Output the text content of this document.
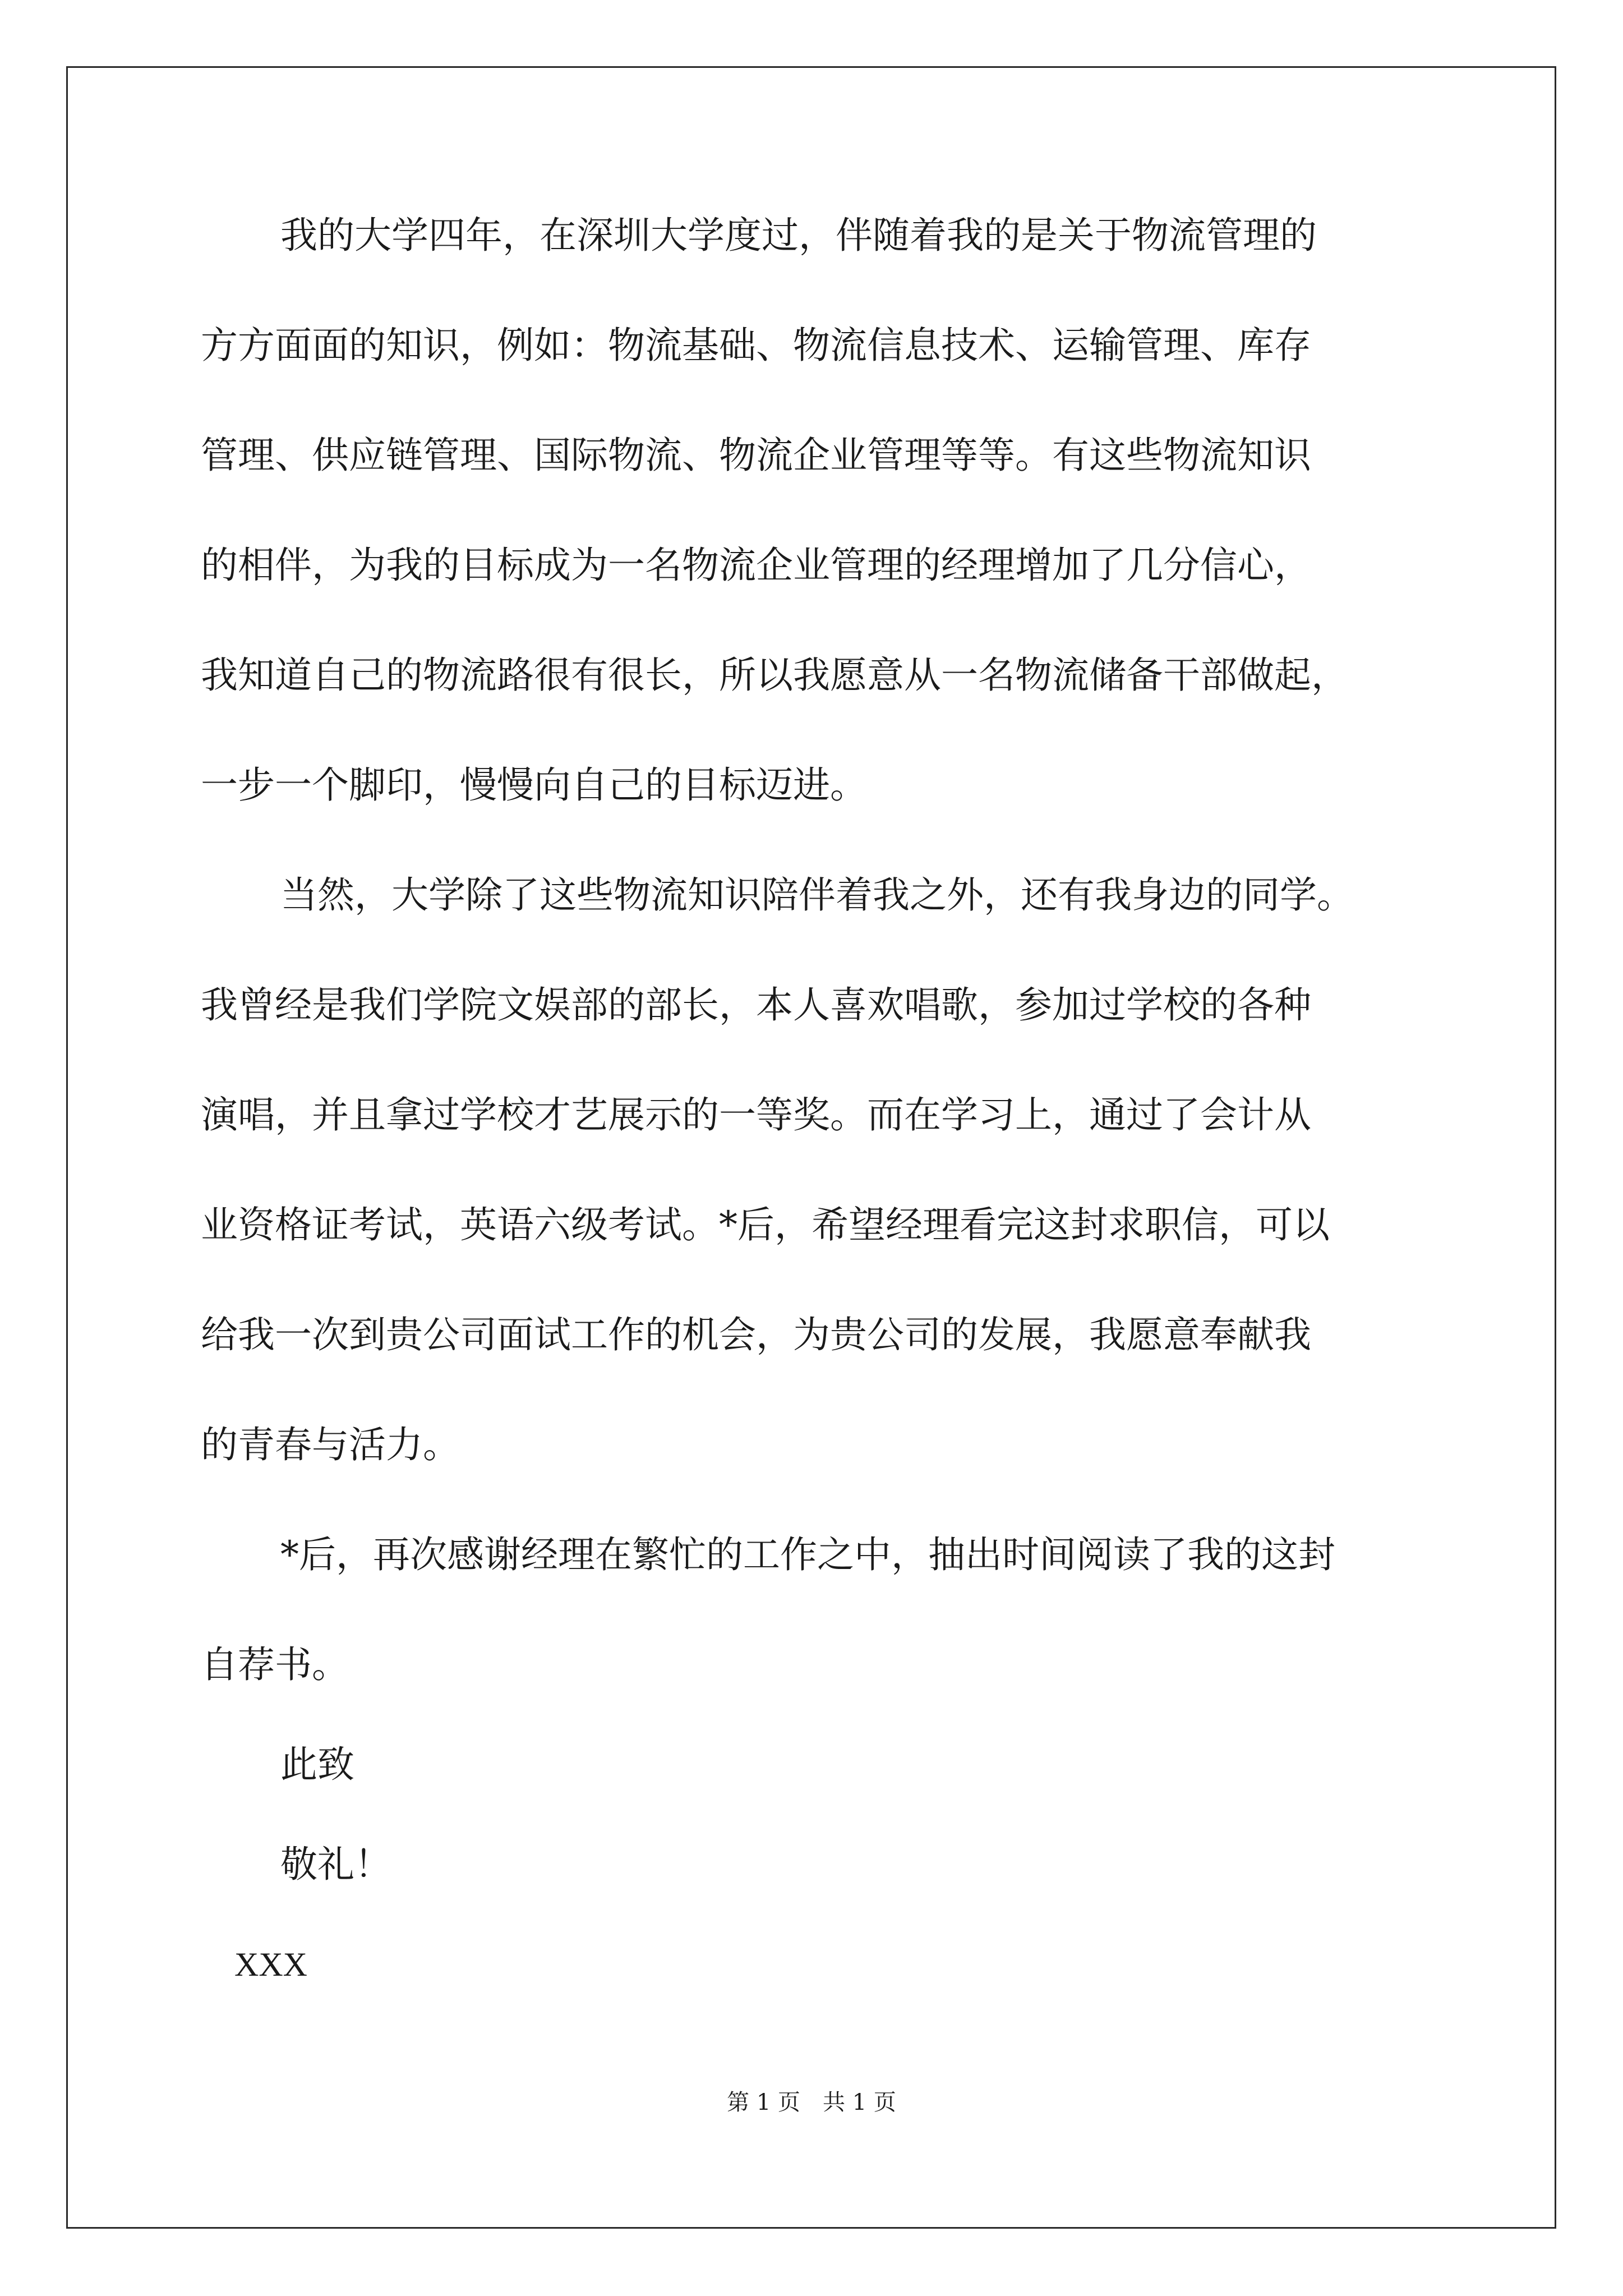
我的大学四年，在深圳大学度过，伴随着我的是关于物流管理的
方方面面的知识，例如：物流基础、物流信息技术、运输管理、库存
管理、供应链管理、国际物流、物流企业管理等等。有这些物流知识
的相伴，为我的目标成为一名物流企业管理的经理增加了几分信心，
我知道自己的物流路很有很长，所以我愿意从一名物流储备干部做起，
一步一个脚印，慢慢向自己的目标迈进。
当然，大学除了这些物流知识陪伴着我之外，还有我身边的同学。
我曾经是我们学院文娱部的部长，本人喜欢唱歌，参加过学校的各种
演唱，并且拿过学校才艺展示的一等奖。而在学习上，通过了会计从
业资格证考试，英语六级考试。*后，希望经理看完这封求职信，可以
给我一次到贵公司面试工作的机会，为贵公司的发展，我愿意奉献我
的青春与活力。
*后，再次感谢经理在繁忙的工作之中，抽出时间阅读了我的这封
自荐书。
此致
敬礼！
XXX
第 1 页　共 1 页
